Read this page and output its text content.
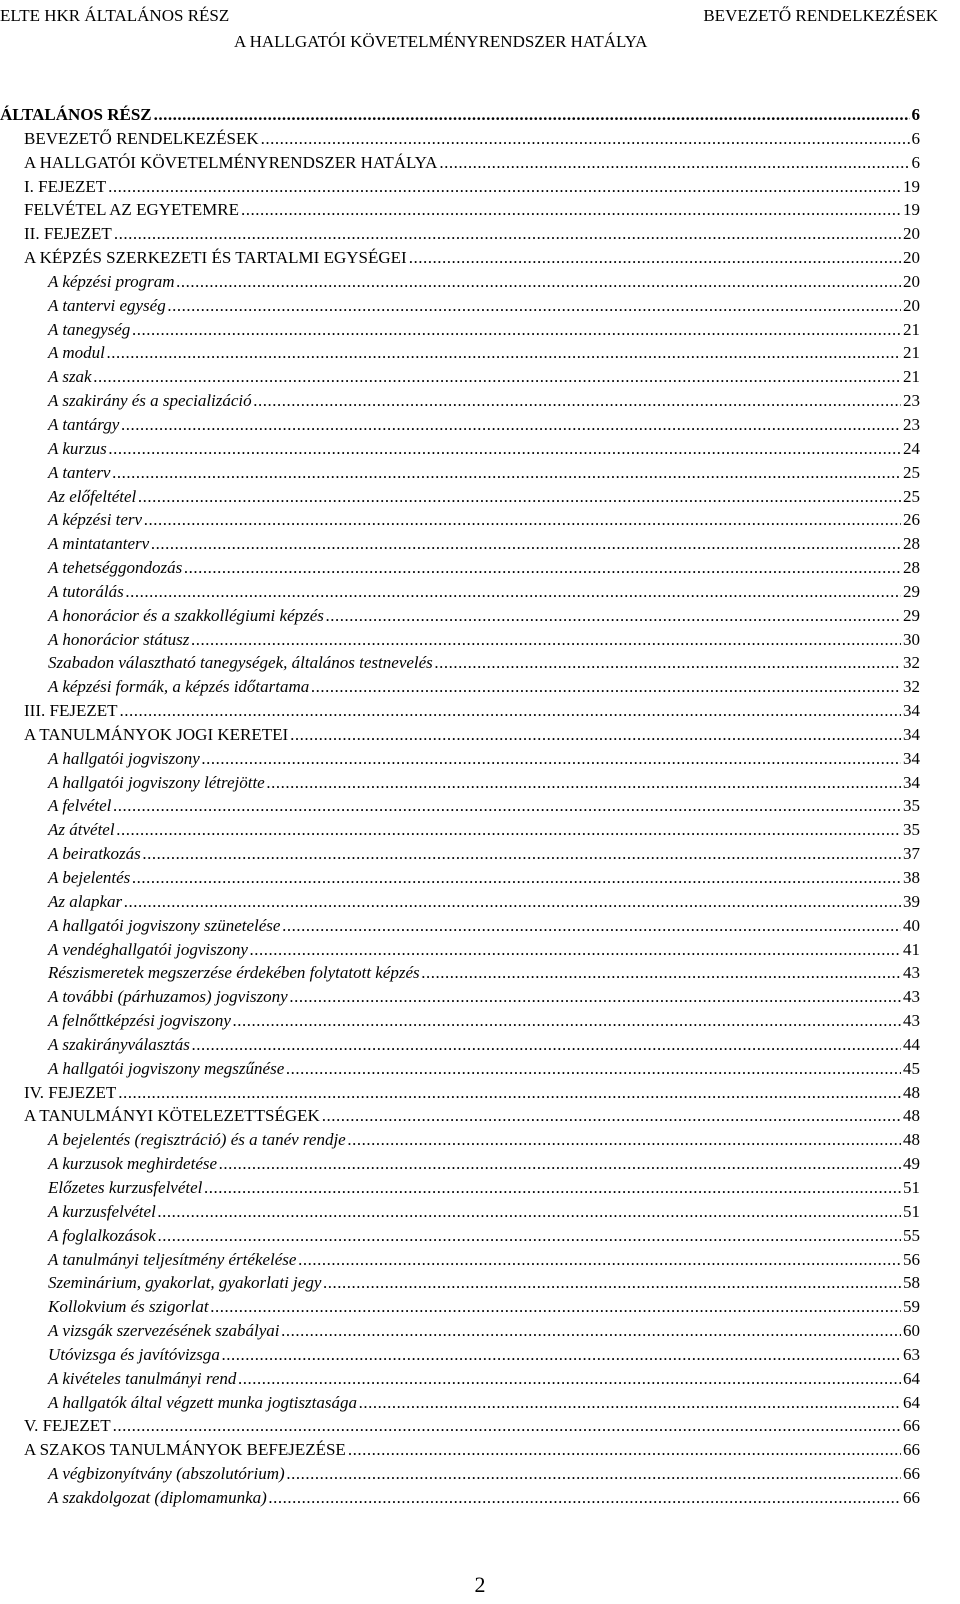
ELTE HKR ÁLTALÁNOS RÉSZ	BEVEZETŐ RENDELKEZÉSEK
A HALLGATÓI KÖVETELMÉNYRENDSZER HATÁLYA
ÁLTALÁNOS RÉSZ .....	6
BEVEZETŐ RENDELKEZÉSEK .....	6
A HALLGATÓI KÖVETELMÉNYRENDSZER HATÁLYA .....	6
I. FEJEZET .....	19
FELVÉTEL AZ EGYETEMRE .....	19
II. FEJEZET .....	20
A KÉPZÉS SZERKEZETI ÉS TARTALMI EGYSÉGEI .....	20
A képzési program .....	20
A tantervi egység .....	20
A tanegység .....	21
A modul .....	21
A szak .....	21
A szakirány és a specializáció .....	23
A tantárgy .....	23
A kurzus .....	24
A tanterv .....	25
Az előfeltétel .....	25
A képzési terv .....	26
A mintatanterv .....	28
A tehetséggondozás .....	28
A tutorálás .....	29
A honorácior és a szakkollégiumi képzés .....	29
A honorácior státusz .....	30
Szabadon választható tanegységek, általános testnevelés .....	32
A képzési formák, a képzés időtartama .....	32
III. FEJEZET .....	34
A TANULMÁNYOK JOGI KERETEI .....	34
A hallgatói jogviszony .....	34
A hallgatói jogviszony létrejötte .....	34
A felvétel .....	35
Az átvétel .....	35
A beiratkozás .....	37
A bejelentés .....	38
Az alapkar .....	39
A hallgatói jogviszony szünetelése .....	40
A vendéghallgatói jogviszony .....	41
Részismeretek megszerzése érdekében folytatott képzés .....	43
A további (párhuzamos) jogviszony .....	43
A felnőttképzési jogviszony .....	43
A szakirányválasztás .....	44
A hallgatói jogviszony megszűnése .....	45
IV. FEJEZET .....	48
A TANULMÁNYI KÖTELEZETTSÉGEK .....	48
A bejelentés (regisztráció) és a tanév rendje .....	48
A kurzusok meghirdetése .....	49
Előzetes kurzusfelvétel .....	51
A kurzusfelvétel .....	51
A foglalkozások .....	55
A tanulmányi teljesítmény értékelése .....	56
Szeminárium, gyakorlat, gyakorlati jegy .....	58
Kollokvium és szigorlat .....	59
A vizsgák szervezésének szabályai .....	60
Utóvizsga és javítóvizsga .....	63
A kivételes tanulmányi rend .....	64
A hallgatók által végzett munka jogtisztasága .....	64
V. FEJEZET .....	66
A SZAKOS TANULMÁNYOK BEFEJEZÉSE .....	66
A végbizonyítvány (abszolutórium) .....	66
A szakdolgozat (diplomamunka) .....	66
2
